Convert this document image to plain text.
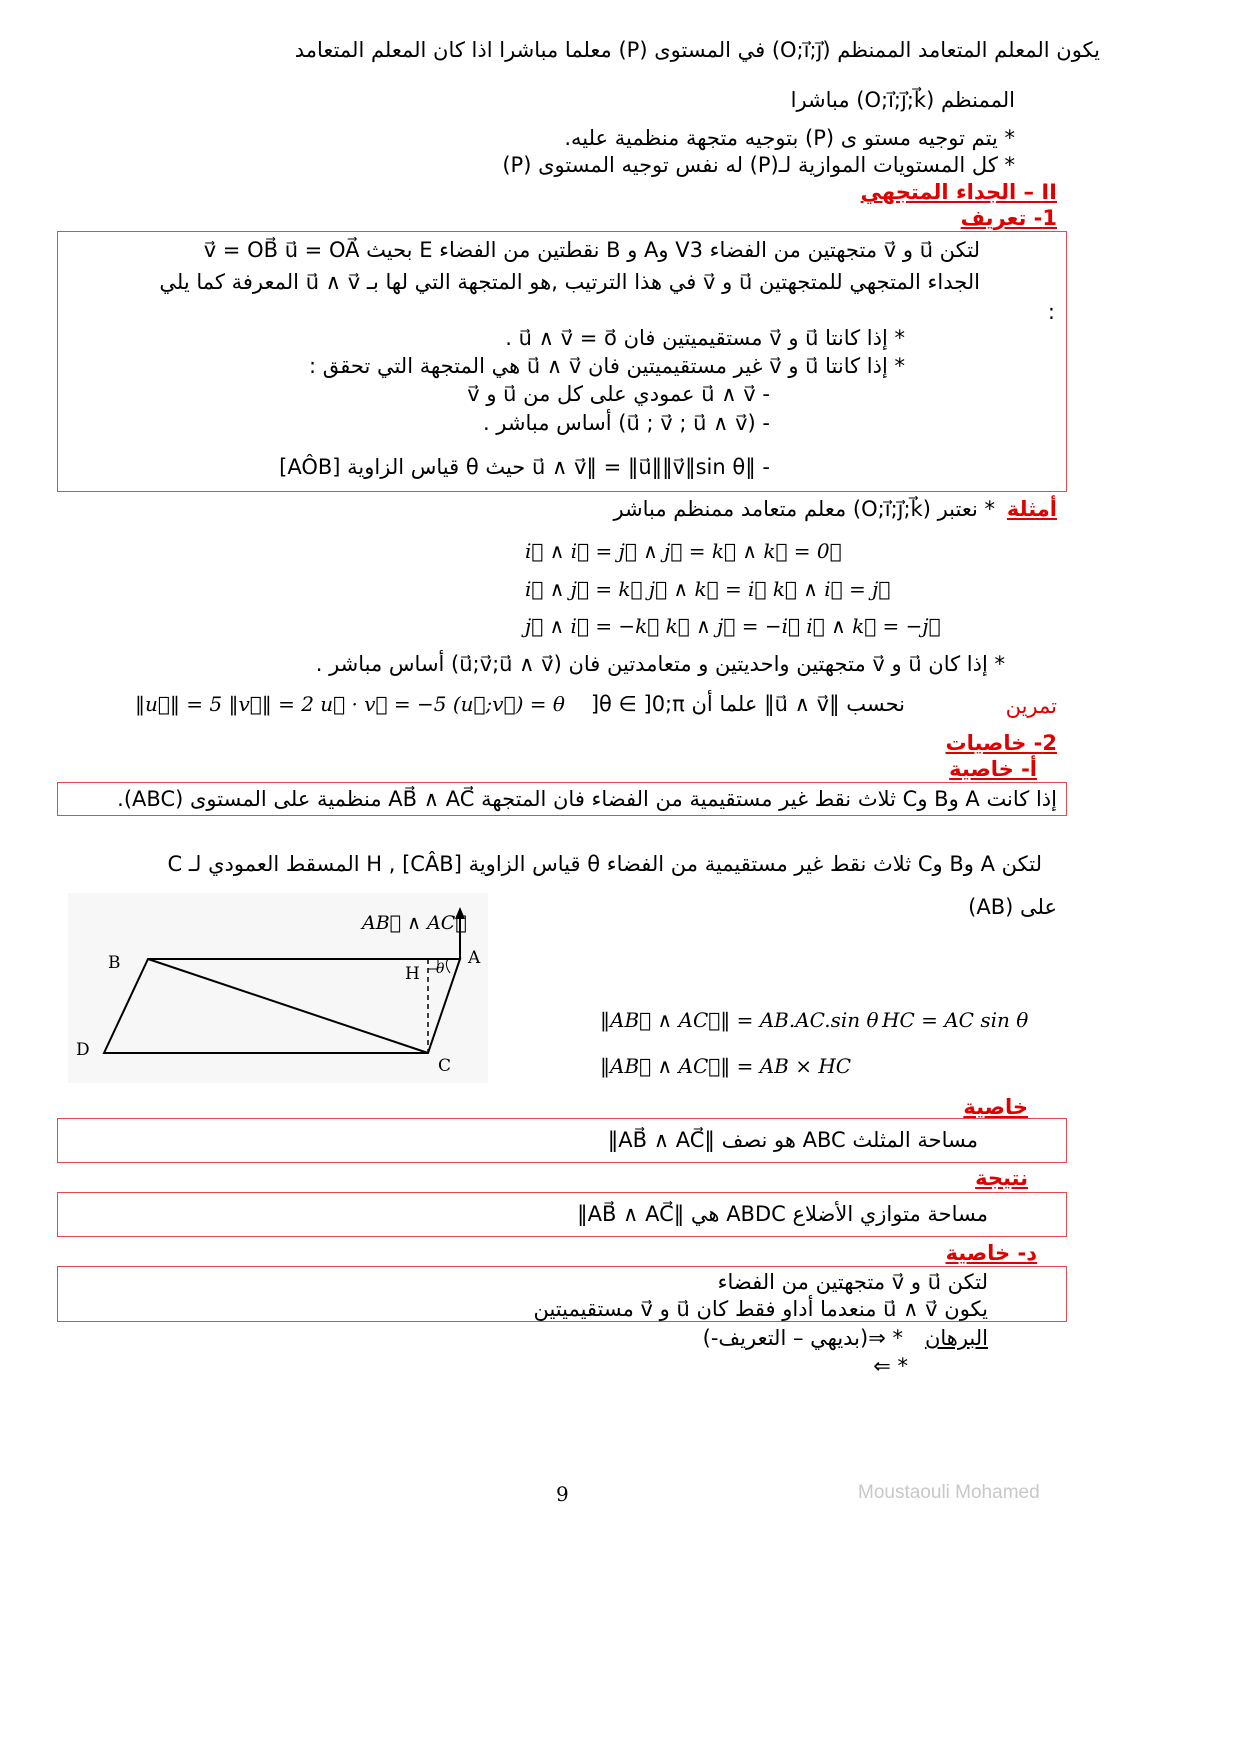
يكون المعلم المتعامد الممنظم (O;i⃗;j⃗) في المستوى (P) معلما مباشرا اذا كان المعلم المتعامد
الممنظم (O;i⃗;j⃗;k⃗) مباشرا
* يتم توجيه مستو ى (P) بتوجيه متجهة منظمية عليه.
* كل المستويات الموازية لـ(P) له نفس توجيه المستوى (P)
II – الجداء المتجهي
1- تعريف
لتكن u⃗ و v⃗ متجهتين من الفضاء V3 وA و B نقطتين من الفضاء E بحيث v⃗ = OB⃗ u⃗ = OA⃗
الجداء المتجهي للمتجهتين u⃗ و v⃗ في هذا الترتيب ,هو المتجهة التي لها بـ u⃗ ∧ v⃗ المعرفة كما يلي
:
* إذا كانتا u⃗ و v⃗ مستقيميتين فان u⃗ ∧ v⃗ = o⃗ .
* إذا كانتا u⃗ و v⃗ غير مستقيميتين فان u⃗ ∧ v⃗ هي المتجهة التي تحقق :
- u⃗ ∧ v⃗ عمودي على كل من u⃗ و v⃗
- (u⃗ ; v⃗ ; u⃗ ∧ v⃗) أساس مباشر .
- ‖u⃗ ∧ v⃗‖ = ‖u⃗‖‖v⃗‖sin θ حيث θ قياس الزاوية [AÔB]
أمثلة
* نعتبر (O;i⃗;j⃗;k⃗) معلم متعامد ممنظم مباشر
i⃗ ∧ i⃗ = j⃗ ∧ j⃗ = k⃗ ∧ k⃗ = 0⃗
i⃗ ∧ j⃗ = k⃗ j⃗ ∧ k⃗ = i⃗ k⃗ ∧ i⃗ = j⃗
j⃗ ∧ i⃗ = −k⃗ k⃗ ∧ j⃗ = −i⃗ i⃗ ∧ k⃗ = −j⃗
* إذا كان u⃗ و v⃗ متجهتين واحديتين و متعامدتين فان (u⃗;v⃗;u⃗ ∧ v⃗) أساس مباشر .
تمرين
نحسب ‖u⃗ ∧ v⃗‖ علما أن θ ∈ ]0;π[
‖u⃗‖ = 5 ‖v⃗‖ = 2 u⃗ · v⃗ = −5 (u⃗;v⃗) = θ
2- خاصيات
أ- خاصية
إذا كانت A وB وC ثلاث نقط غير مستقيمية من الفضاء فان المتجهة AB⃗ ∧ AC⃗ منظمية على المستوى (ABC).
لتكن A وB وC ثلاث نقط غير مستقيمية من الفضاء θ قياس الزاوية [CÂB] , H المسقط العمودي لـ C
على (AB)
AB⃗ ∧ AC⃗
B	A
H θ
D
C
‖AB⃗ ∧ AC⃗‖ = AB.AC.sin θ HC = AC sin θ
‖AB⃗ ∧ AC⃗‖ = AB × HC
خاصية
مساحة المثلث ABC هو نصف ‖AB⃗ ∧ AC⃗‖
نتيجة
مساحة متوازي الأضلاع ABDC هي ‖AB⃗ ∧ AC⃗‖
د- خاصية
لتكن u⃗ و v⃗ متجهتين من الفضاء
يكون u⃗ ∧ v⃗ منعدما أداو فقط كان u⃗ و v⃗ مستقيميتين
البرهان
* ⇒(بديهي – التعريف-)
* ⇐
9	Moustaouli Mohamed
